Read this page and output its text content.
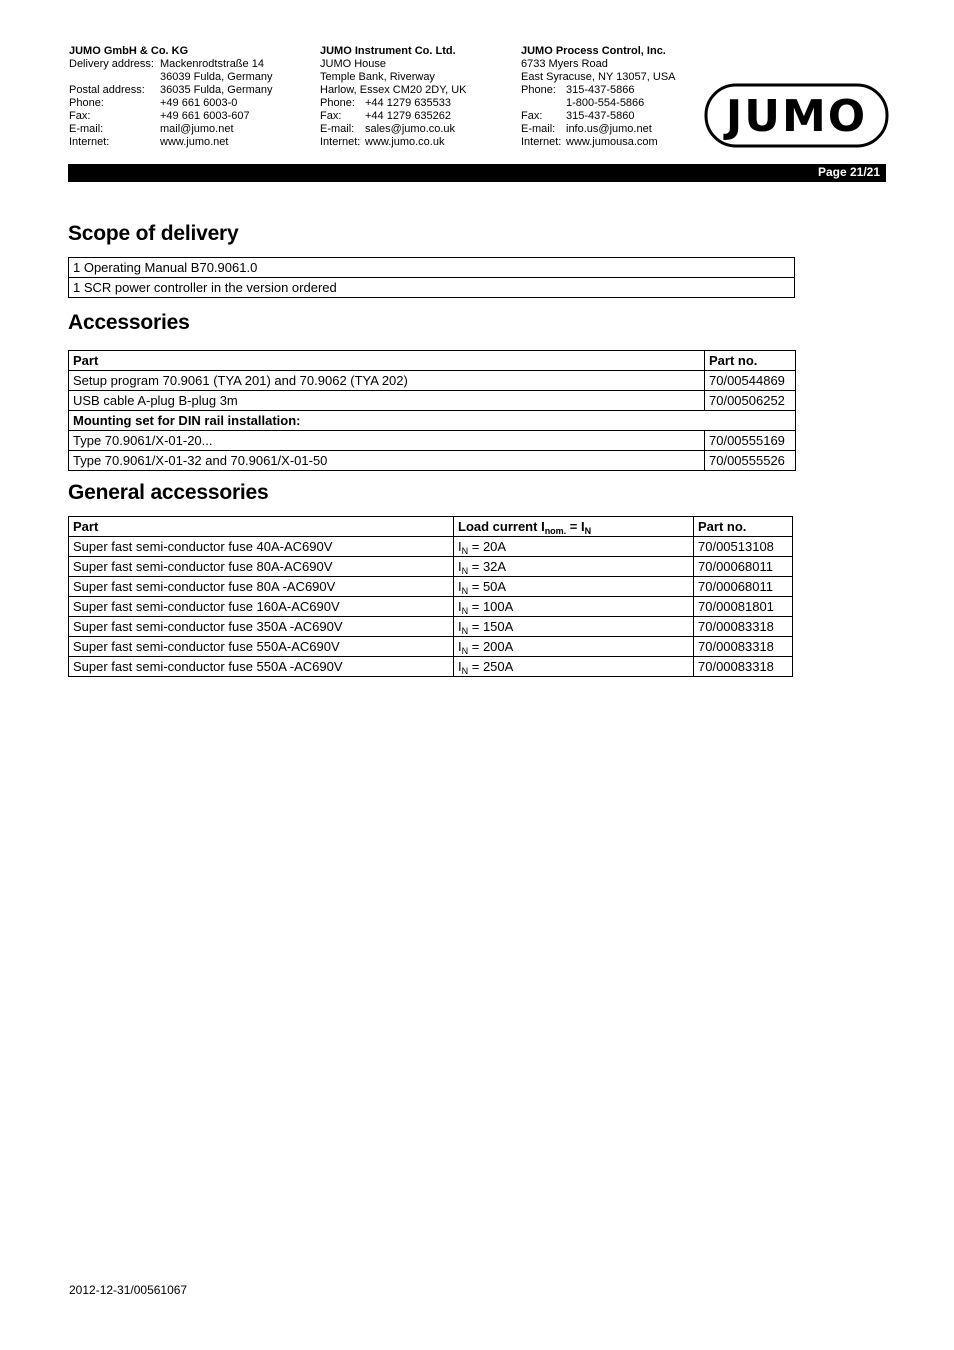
JUMO GmbH & Co. KG
Delivery address: Mackenrodtstraße 14
36039 Fulda, Germany
Postal address:	36035 Fulda, Germany
Phone:	+49 661 6003-0
Fax:	+49 661 6003-607
E-mail:	mail@jumo.net
Internet:	www.jumo.net
JUMO Instrument Co. Ltd.
JUMO House
Temple Bank, Riverway
Harlow, Essex CM20 2DY, UK
Phone: +44 1279 635533
Fax:	+44 1279 635262
E-mail: sales@jumo.co.uk
Internet: www.jumo.co.uk
JUMO Process Control, Inc.
6733 Myers Road
East Syracuse, NY 13057, USA
Phone: 315-437-5866
1-800-554-5866
Fax:	315-437-5860
E-mail: info.us@jumo.net
Internet: www.jumousa.com JUMO
Page 21/21
Scope of delivery
1 Operating Manual B70.9061.0
1 SCR power controller in the version ordered
Accessories
Part	Part no.
Setup program 70.9061 (TYA 201) and 70.9062 (TYA 202)	70/00544869
USB cable A-plug B-plug 3m	70/00506252
Mounting set for DIN rail installation:	
Type 70.9061/X-01-20...	70/00555169
Type 70.9061/X-01-32 and 70.9061/X-01-50	70/00555526
General accessories
Part	Load current $I_{nom.} = I_N$	Part no.
Super fast semi-conductor fuse 40A-AC690V	$I_N = 20A$	70/00513108
Super fast semi-conductor fuse 80A-AC690V	$I_N = 32A$	70/00068011
Super fast semi-conductor fuse 80A -AC690V	$I_N = 50A$	70/00068011
Super fast semi-conductor fuse 160A-AC690V	$I_N = 100A$	70/00081801
Super fast semi-conductor fuse 350A -AC690V	$I_N = 150A$	70/00083318
Super fast semi-conductor fuse 550A-AC690V	$I_N = 200A$	70/00083318
Super fast semi-conductor fuse 550A -AC690V	$I_N = 250A$	70/00083318
2012-12-31/00561067
